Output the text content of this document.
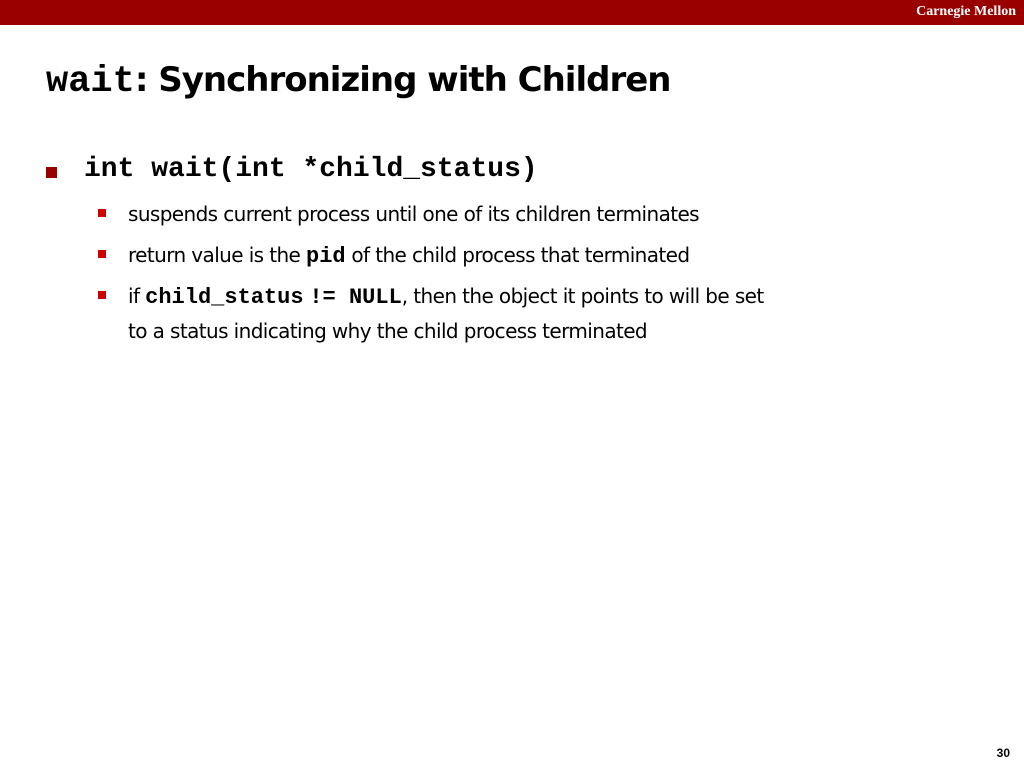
Carnegie Mellon
wait: Synchronizing with Children
int wait(int *child_status)
suspends current process until one of its children terminates
return value is the pid of the child process that terminated
if child_status != NULL, then the object it points to will be set
to a status indicating why the child process terminated
30
